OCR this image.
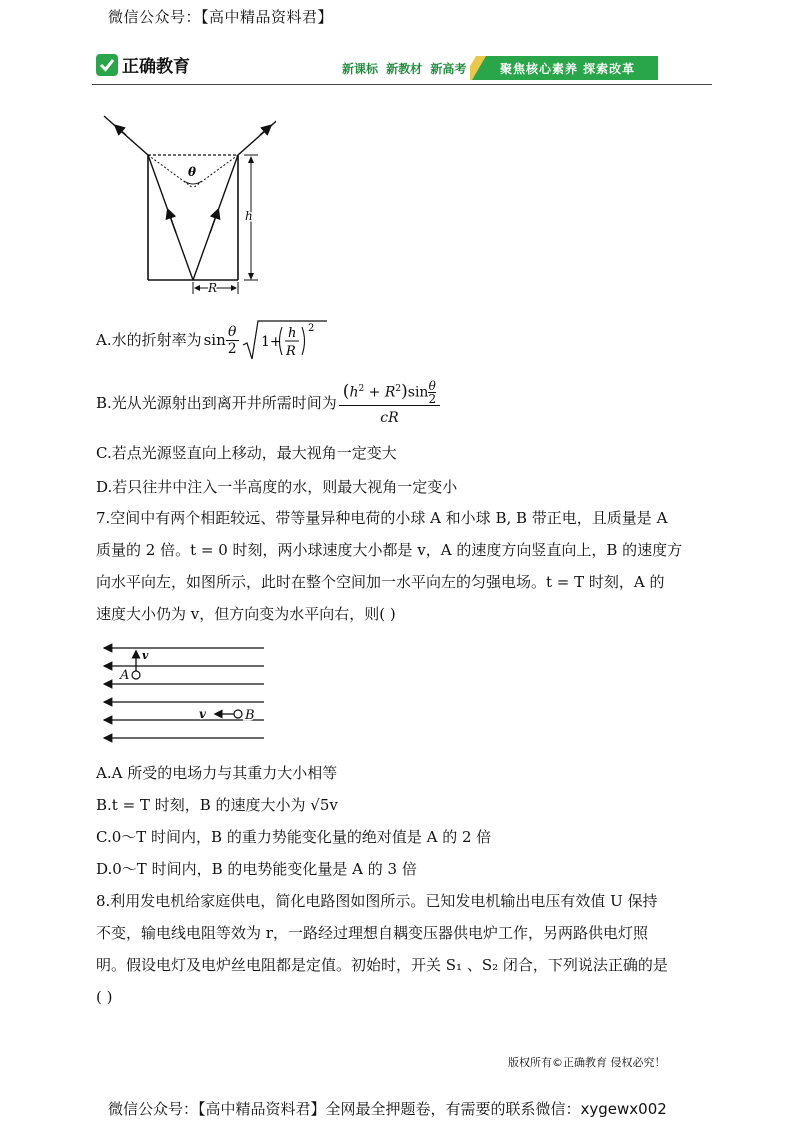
微信公众号：【高中精品资料君】
正确教育	新课标 新教材 新高考	聚焦核心素养 探索改革
θ
h
R
A.水的折射率为 $\sin \frac{\theta}{2} 1+$
h
R
2
B.光从光源射出到离开井所需时间为 $\frac{(h^2 + R^2)\sin \frac{\theta}{2}}{cR}$
C.若点光源竖直向上移动，最大视角一定变大
D.若只往井中注入一半高度的水，则最大视角一定变小
7.空间中有两个相距较远、带等量异种电荷的小球 A 和小球 B, B 带正电，且质量是 A
质量的 2 倍。t = 0 时刻，两小球速度大小都是 v，A 的速度方向竖直向上，B 的速度方
向水平向左，如图所示，此时在整个空间加一水平向左的匀强电场。t = T 时刻，A 的
速度大小仍为 v，但方向变为水平向右，则( )
v
A
v	B
A.A 所受的电场力与其重力大小相等
B.t = T 时刻，B 的速度大小为 √5v
C.0～T 时间内，B 的重力势能变化量的绝对值是 A 的 2 倍
D.0～T 时间内，B 的电势能变化量是 A 的 3 倍
8.利用发电机给家庭供电，简化电路图如图所示。已知发电机输出电压有效值 U 保持
不变，输电线电阻等效为 r，一路经过理想自耦变压器供电炉工作，另两路供电灯照
明。假设电灯及电炉丝电阻都是定值。初始时，开关 S₁ 、S₂ 闭合，下列说法正确的是
( )
版权所有©正确教育 侵权必究！
微信公众号：【高中精品资料君】全网最全押题卷，有需要的联系微信：xygewx002
